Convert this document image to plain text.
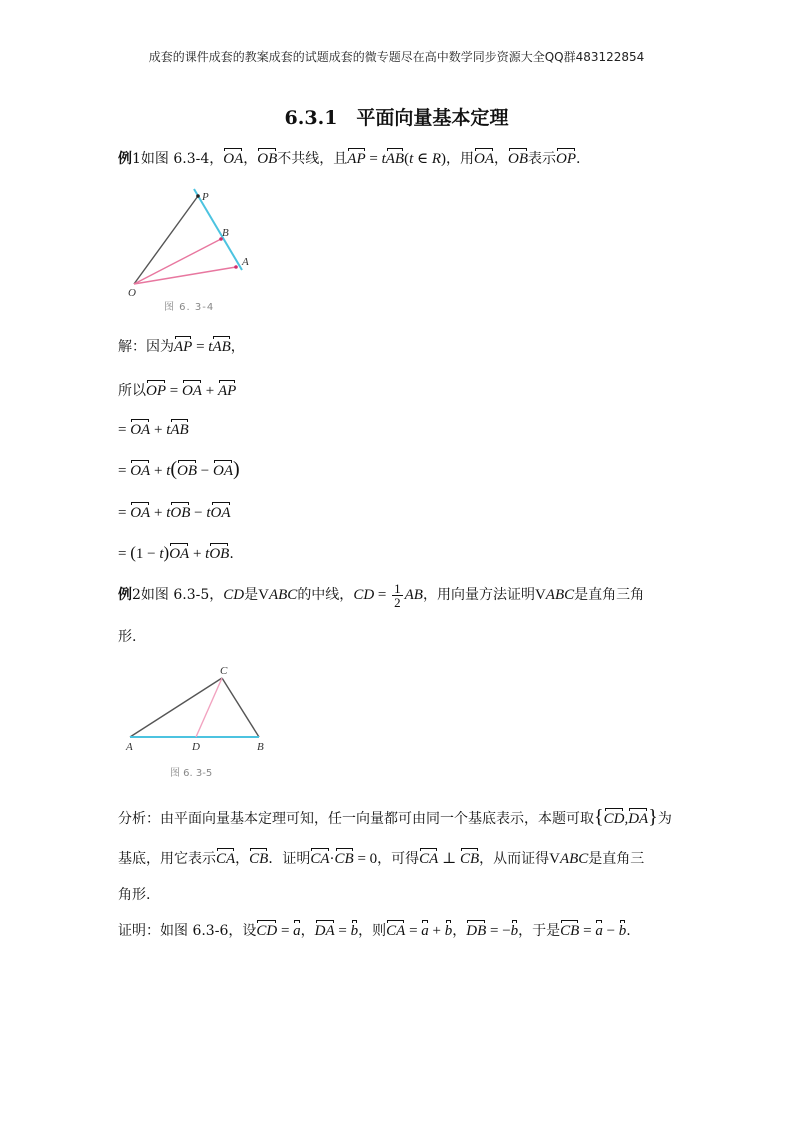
成套的课件成套的教案成套的试题成套的微专题尽在高中数学同步资源大全QQ群483122854
6.3.1　平面向量基本定理
例1如图 6.3-4，OA，OB不共线，且AP = tAB(t ∈ R)，用OA，OB表示OP.
P
B
A
O
图 6. 3-4
解：因为AP = tAB，
所以OP = OA + AP
= OA + tAB
= OA + t(OB − OA)
= OA + tOB − tOA
= (1 − t)OA + tOB.
例2如图 6.3-5，CD是VABC的中线，CD = $\frac{1}{2}$ AB，用向量方法证明VABC是直角三角
形.
C
A	D	B
图 6. 3-5
分析：由平面向量基本定理可知，任一向量都可由同一个基底表示，本题可取{CD,DA}为
基底，用它表示CA，CB．证明CA·CB = 0，可得CA ⊥ CB，从而证得VABC是直角三
角形.
证明：如图 6.3-6，设CD = a，DA = b，则CA = a + b，DB = −b，于是CB = a − b.
